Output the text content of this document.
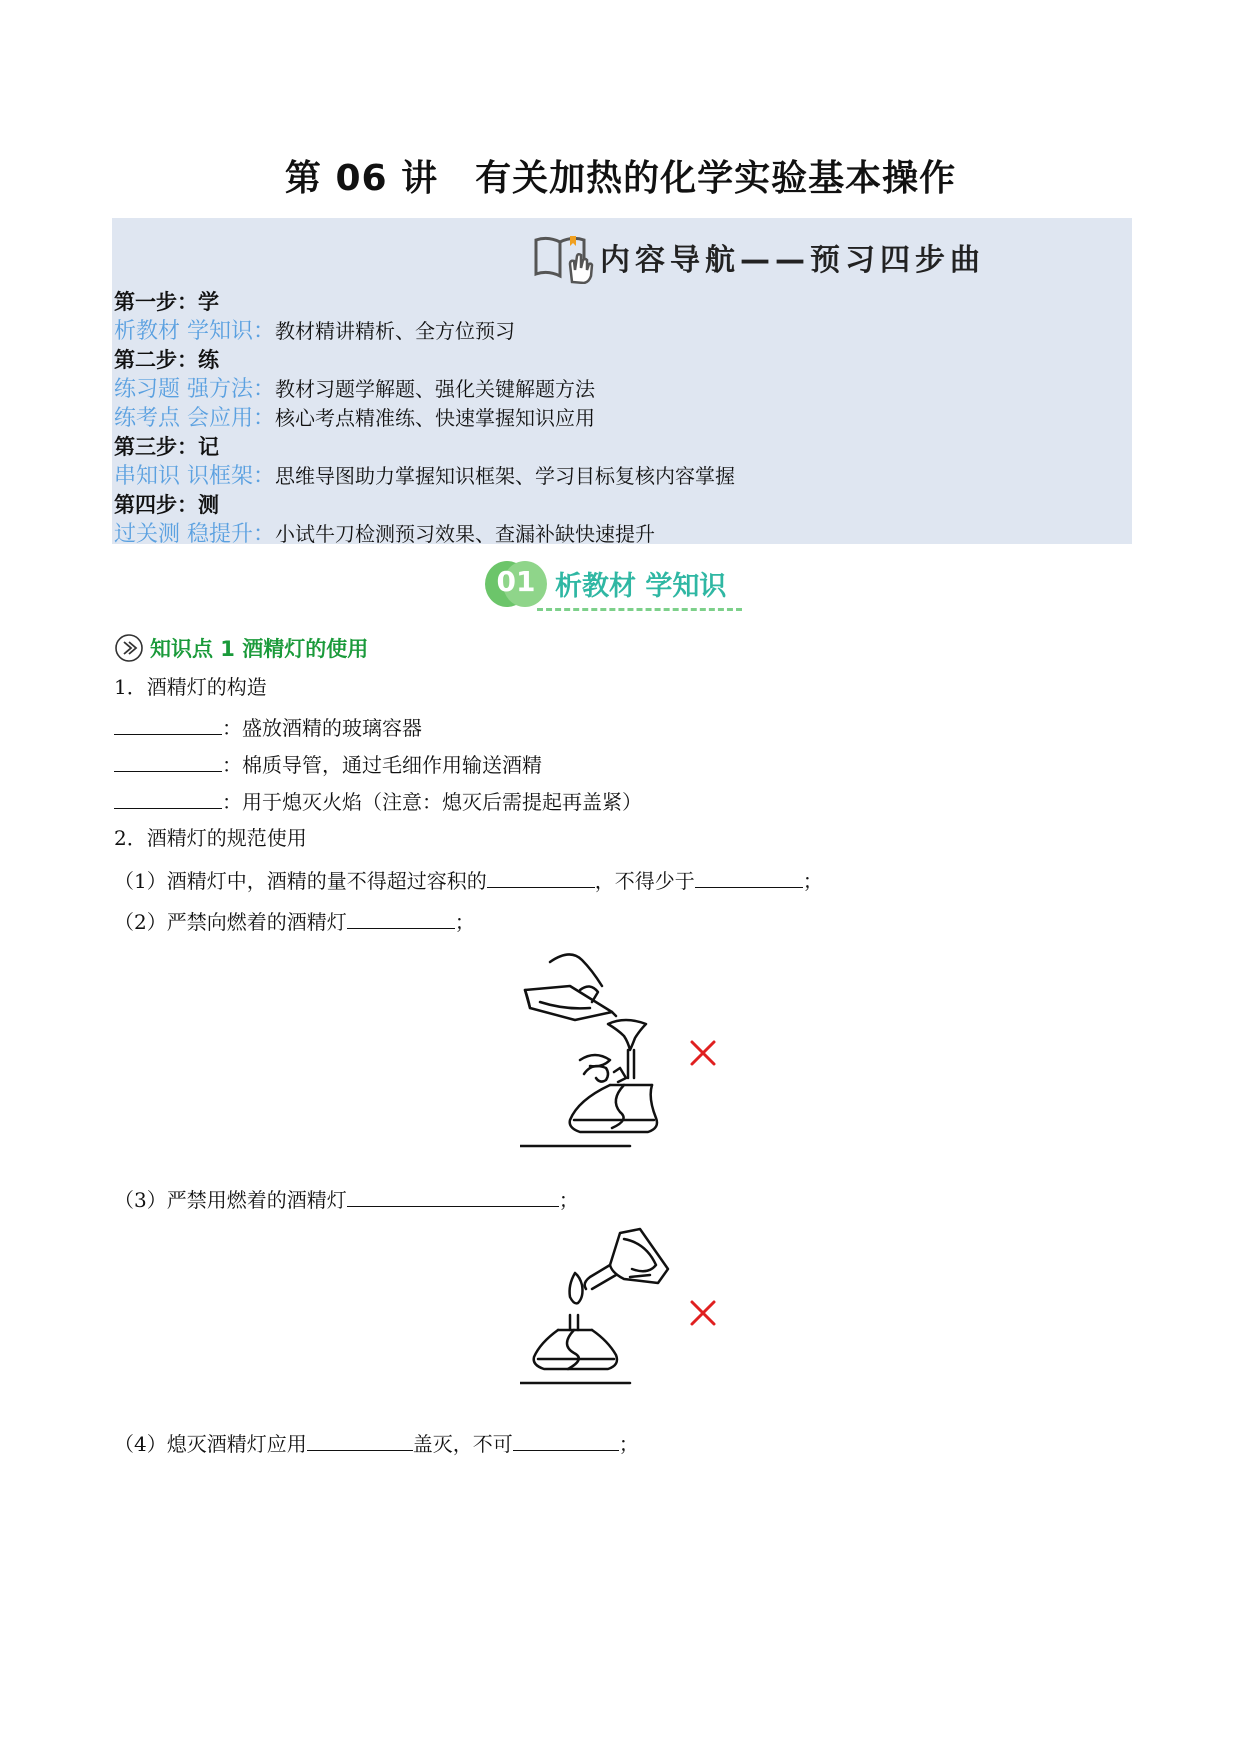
第 06 讲　有关加热的化学实验基本操作
内容导航——预习四步曲
第一步：学
析教材 学知识：教材精讲精析、全方位预习
第二步：练
练习题 强方法：教材习题学解题、强化关键解题方法
练考点 会应用：核心考点精准练、快速掌握知识应用
第三步：记
串知识 识框架：思维导图助力掌握知识框架、学习目标复核内容掌握
第四步：测
过关测 稳提升：小试牛刀检测预习效果、查漏补缺快速提升
01 析教材 学知识
知识点 1 酒精灯的使用
1．酒精灯的构造
：盛放酒精的玻璃容器
：棉质导管，通过毛细作用输送酒精
：用于熄灭火焰（注意：熄灭后需提起再盖紧）
2．酒精灯的规范使用
（1）酒精灯中，酒精的量不得超过容积的	，不得少于	；
（2）严禁向燃着的酒精灯	；
（3）严禁用燃着的酒精灯	；
（4）熄灭酒精灯应用	盖灭，不可	；
